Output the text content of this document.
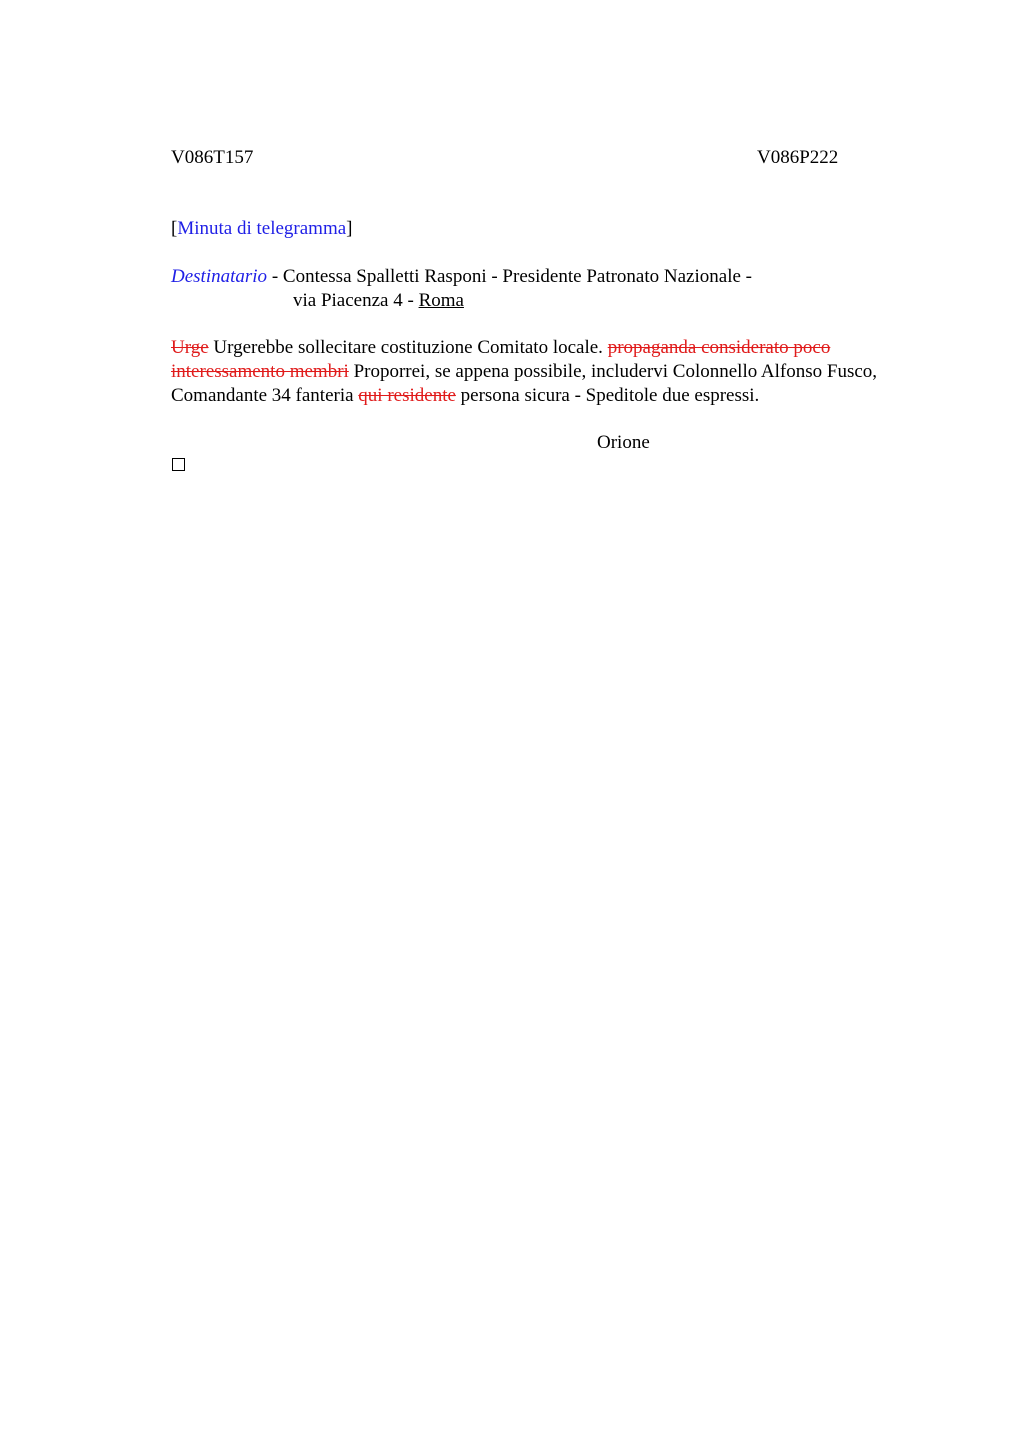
V086T157	V086P222
[Minuta di telegramma]
Destinatario - Contessa Spalletti Rasponi - Presidente Patronato Nazionale -
via Piacenza 4 - Roma
Urge Urgerebbe sollecitare costituzione Comitato locale. propaganda considerato poco interessamento membri Proporrei, se appena possibile, includervi Colonnello Alfonso Fusco, Comandante 34 fanteria qui residente persona sicura - Speditole due espressi.
Orione
